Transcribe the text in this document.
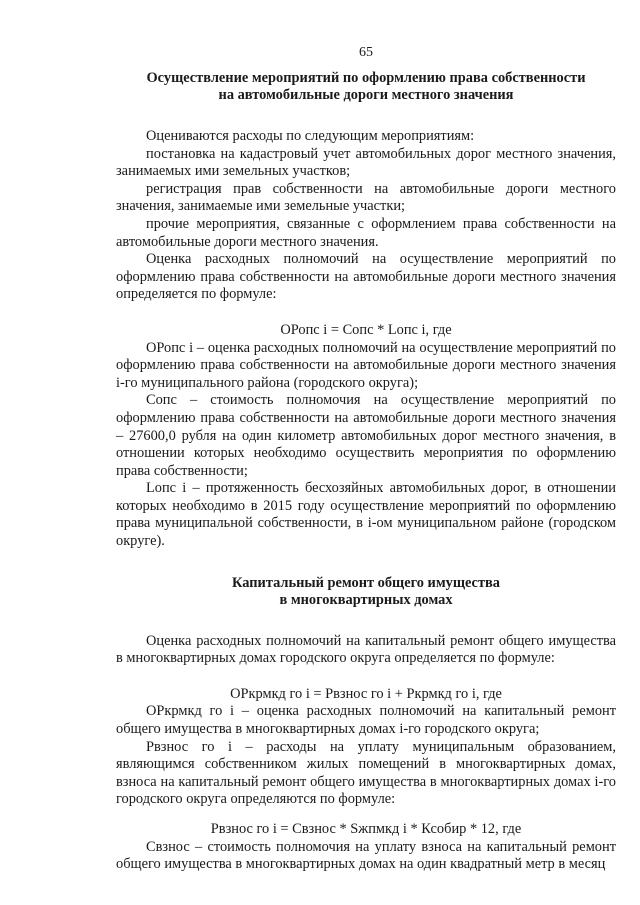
65

Осуществление мероприятий по оформлению права собственности
на автомобильные дороги местного значения

Оцениваются расходы по следующим мероприятиям:

постановка на кадастровый учет автомобильных дорог местного значения, занимаемых ими земельных участков;

регистрация прав собственности на автомобильные дороги местного значения, занимаемые ими земельные участки;

прочие мероприятия, связанные с оформлением права собственности на автомобильные дороги местного значения.

Оценка расходных полномочий на осуществление мероприятий по оформлению права собственности на автомобильные дороги местного значения определяется по формуле:

ОРопс i = Сопс * Lопс i, где

ОРопс i – оценка расходных полномочий на осуществление мероприятий по оформлению права собственности на автомобильные дороги местного значения i-го муниципального района (городского округа);

Сопс – стоимость полномочия на осуществление мероприятий по оформлению права собственности на автомобильные дороги местного значения – 27600,0 рубля на один километр автомобильных дорог местного значения, в отношении которых необходимо осуществить мероприятия по оформлению права собственности;

Lопс i – протяженность бесхозяйных автомобильных дорог, в отношении которых необходимо в 2015 году осуществление мероприятий по оформлению права муниципальной собственности, в i-ом муниципальном районе (городском округе).

Капитальный ремонт общего имущества
в многоквартирных домах

Оценка расходных полномочий на капитальный ремонт общего имущества в многоквартирных домах городского округа определяется по формуле:

ОРкрмкд го i = Рвзнос го i + Ркрмкд го i, где

ОРкрмкд го i – оценка расходных полномочий на капитальный ремонт общего имущества в многоквартирных домах i-го городского округа;

Рвзнос го i – расходы на уплату муниципальным образованием, являющимся собственником жилых помещений в многоквартирных домах, взноса на капитальный ремонт общего имущества в многоквартирных домах i-го городского округа определяются по формуле:

Рвзнос го i = Свзнос * Sжпмкд i * Ксобир * 12, где

Свзнос – стоимость полномочия на уплату взноса на капитальный ремонт общего имущества в многоквартирных домах на один квадратный метр в месяц
